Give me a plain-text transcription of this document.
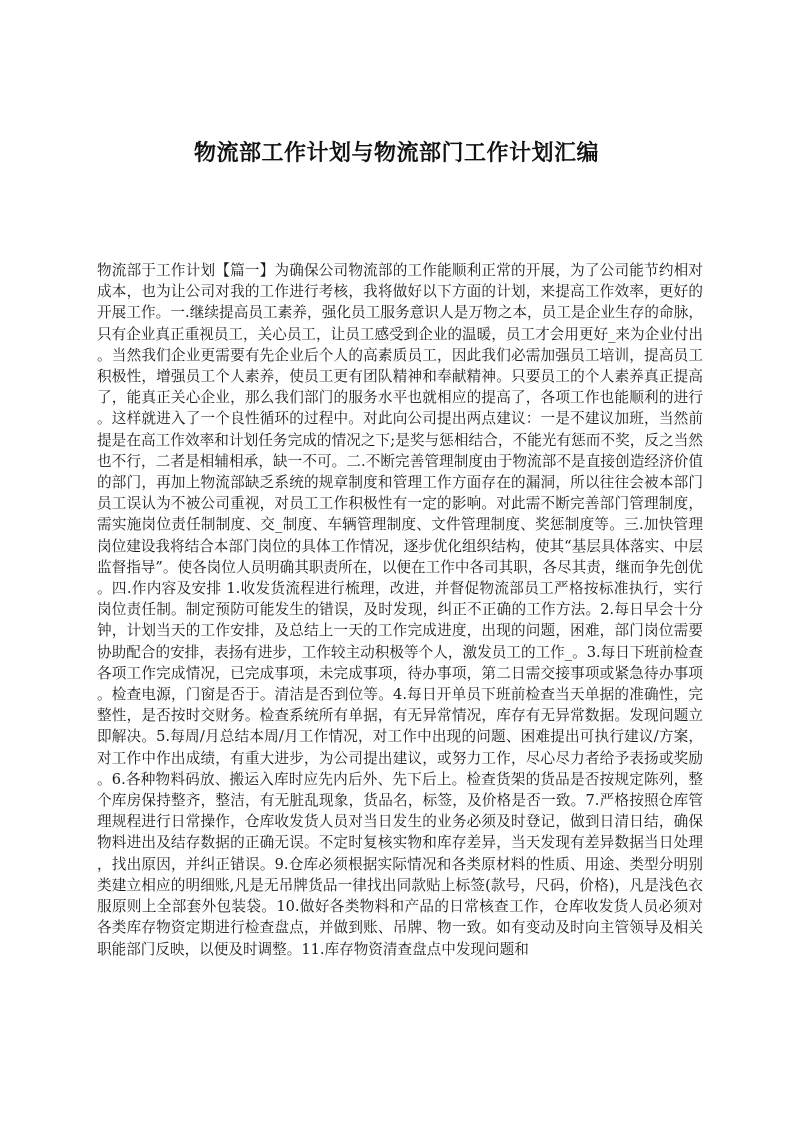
物流部工作计划与物流部门工作计划汇编

物流部于工作计划【篇一】为确保公司物流部的工作能顺利正常的开展，为了公司能节约相对成本，也为让公司对我的工作进行考核，我将做好以下方面的计划，来提高工作效率，更好的开展工作。一.继续提高员工素养，强化员工服务意识人是万物之本，员工是企业生存的命脉，只有企业真正重视员工，关心员工，让员工感受到企业的温暖，员工才会用更好_来为企业付出。当然我们企业更需要有先企业后个人的高素质员工，因此我们必需加强员工培训，提高员工积极性，增强员工个人素养，使员工更有团队精神和奉献精神。只要员工的个人素养真正提高了，能真正关心企业，那么我们部门的服务水平也就相应的提高了，各项工作也能顺利的进行。这样就进入了一个良性循环的过程中。对此向公司提出两点建议：一是不建议加班，当然前提是在高工作效率和计划任务完成的情况之下;是奖与惩相结合，不能光有惩而不奖，反之当然也不行，二者是相辅相承，缺一不可。二.不断完善管理制度由于物流部不是直接创造经济价值的部门，再加上物流部缺乏系统的规章制度和管理工作方面存在的漏洞，所以往往会被本部门员工误认为不被公司重视，对员工工作积极性有一定的影响。对此需不断完善部门管理制度，需实施岗位责任制制度、交_制度、车辆管理制度、文件管理制度、奖惩制度等。三.加快管理岗位建设我将结合本部门岗位的具体工作情况，逐步优化组织结构，使其“基层具体落实、中层监督指导”。使各岗位人员明确其职责所在，以便在工作中各司其职，各尽其责，继而争先创优。四.作内容及安排 1.收发货流程进行梳理，改进，并督促物流部员工严格按标准执行，实行岗位责任制。制定预防可能发生的错误，及时发现，纠正不正确的工作方法。2.每日早会十分钟，计划当天的工作安排，及总结上一天的工作完成进度，出现的问题，困难，部门岗位需要协助配合的安排，表扬有进步，工作较主动积极等个人，激发员工的工作_。3.每日下班前检查各项工作完成情况，已完成事项，未完成事项，待办事项，第二日需交接事项或紧急待办事项。检查电源，门窗是否于。清洁是否到位等。4.每日开单员下班前检查当天单据的准确性，完整性，是否按时交财务。检查系统所有单据，有无异常情况，库存有无异常数据。发现问题立即解决。5.每周/月总结本周/月工作情况，对工作中出现的问题、困难提出可执行建议/方案，对工作中作出成绩，有重大进步，为公司提出建议，或努力工作，尽心尽力者给予表扬或奖励。6.各种物料码放、搬运入库时应先内后外、先下后上。检查货架的货品是否按规定陈列，整个库房保持整齐，整洁，有无脏乱现象，货品名，标签，及价格是否一致。7.严格按照仓库管理规程进行日常操作，仓库收发货人员对当日发生的业务必须及时登记，做到日清日结，确保物料进出及结存数据的正确无误。不定时复核实物和库存差异，当天发现有差异数据当日处理，找出原因，并纠正错误。9.仓库必须根据实际情况和各类原材料的性质、用途、类型分明别类建立相应的明细账,凡是无吊牌货品一律找出同款贴上标签(款号，尺码，价格)，凡是浅色衣服原则上全部套外包装袋。10.做好各类物料和产品的日常核查工作，仓库收发货人员必须对各类库存物资定期进行检查盘点，并做到账、吊牌、物一致。如有变动及时向主管领导及相关职能部门反映，以便及时调整。11.库存物资清查盘点中发现问题和
